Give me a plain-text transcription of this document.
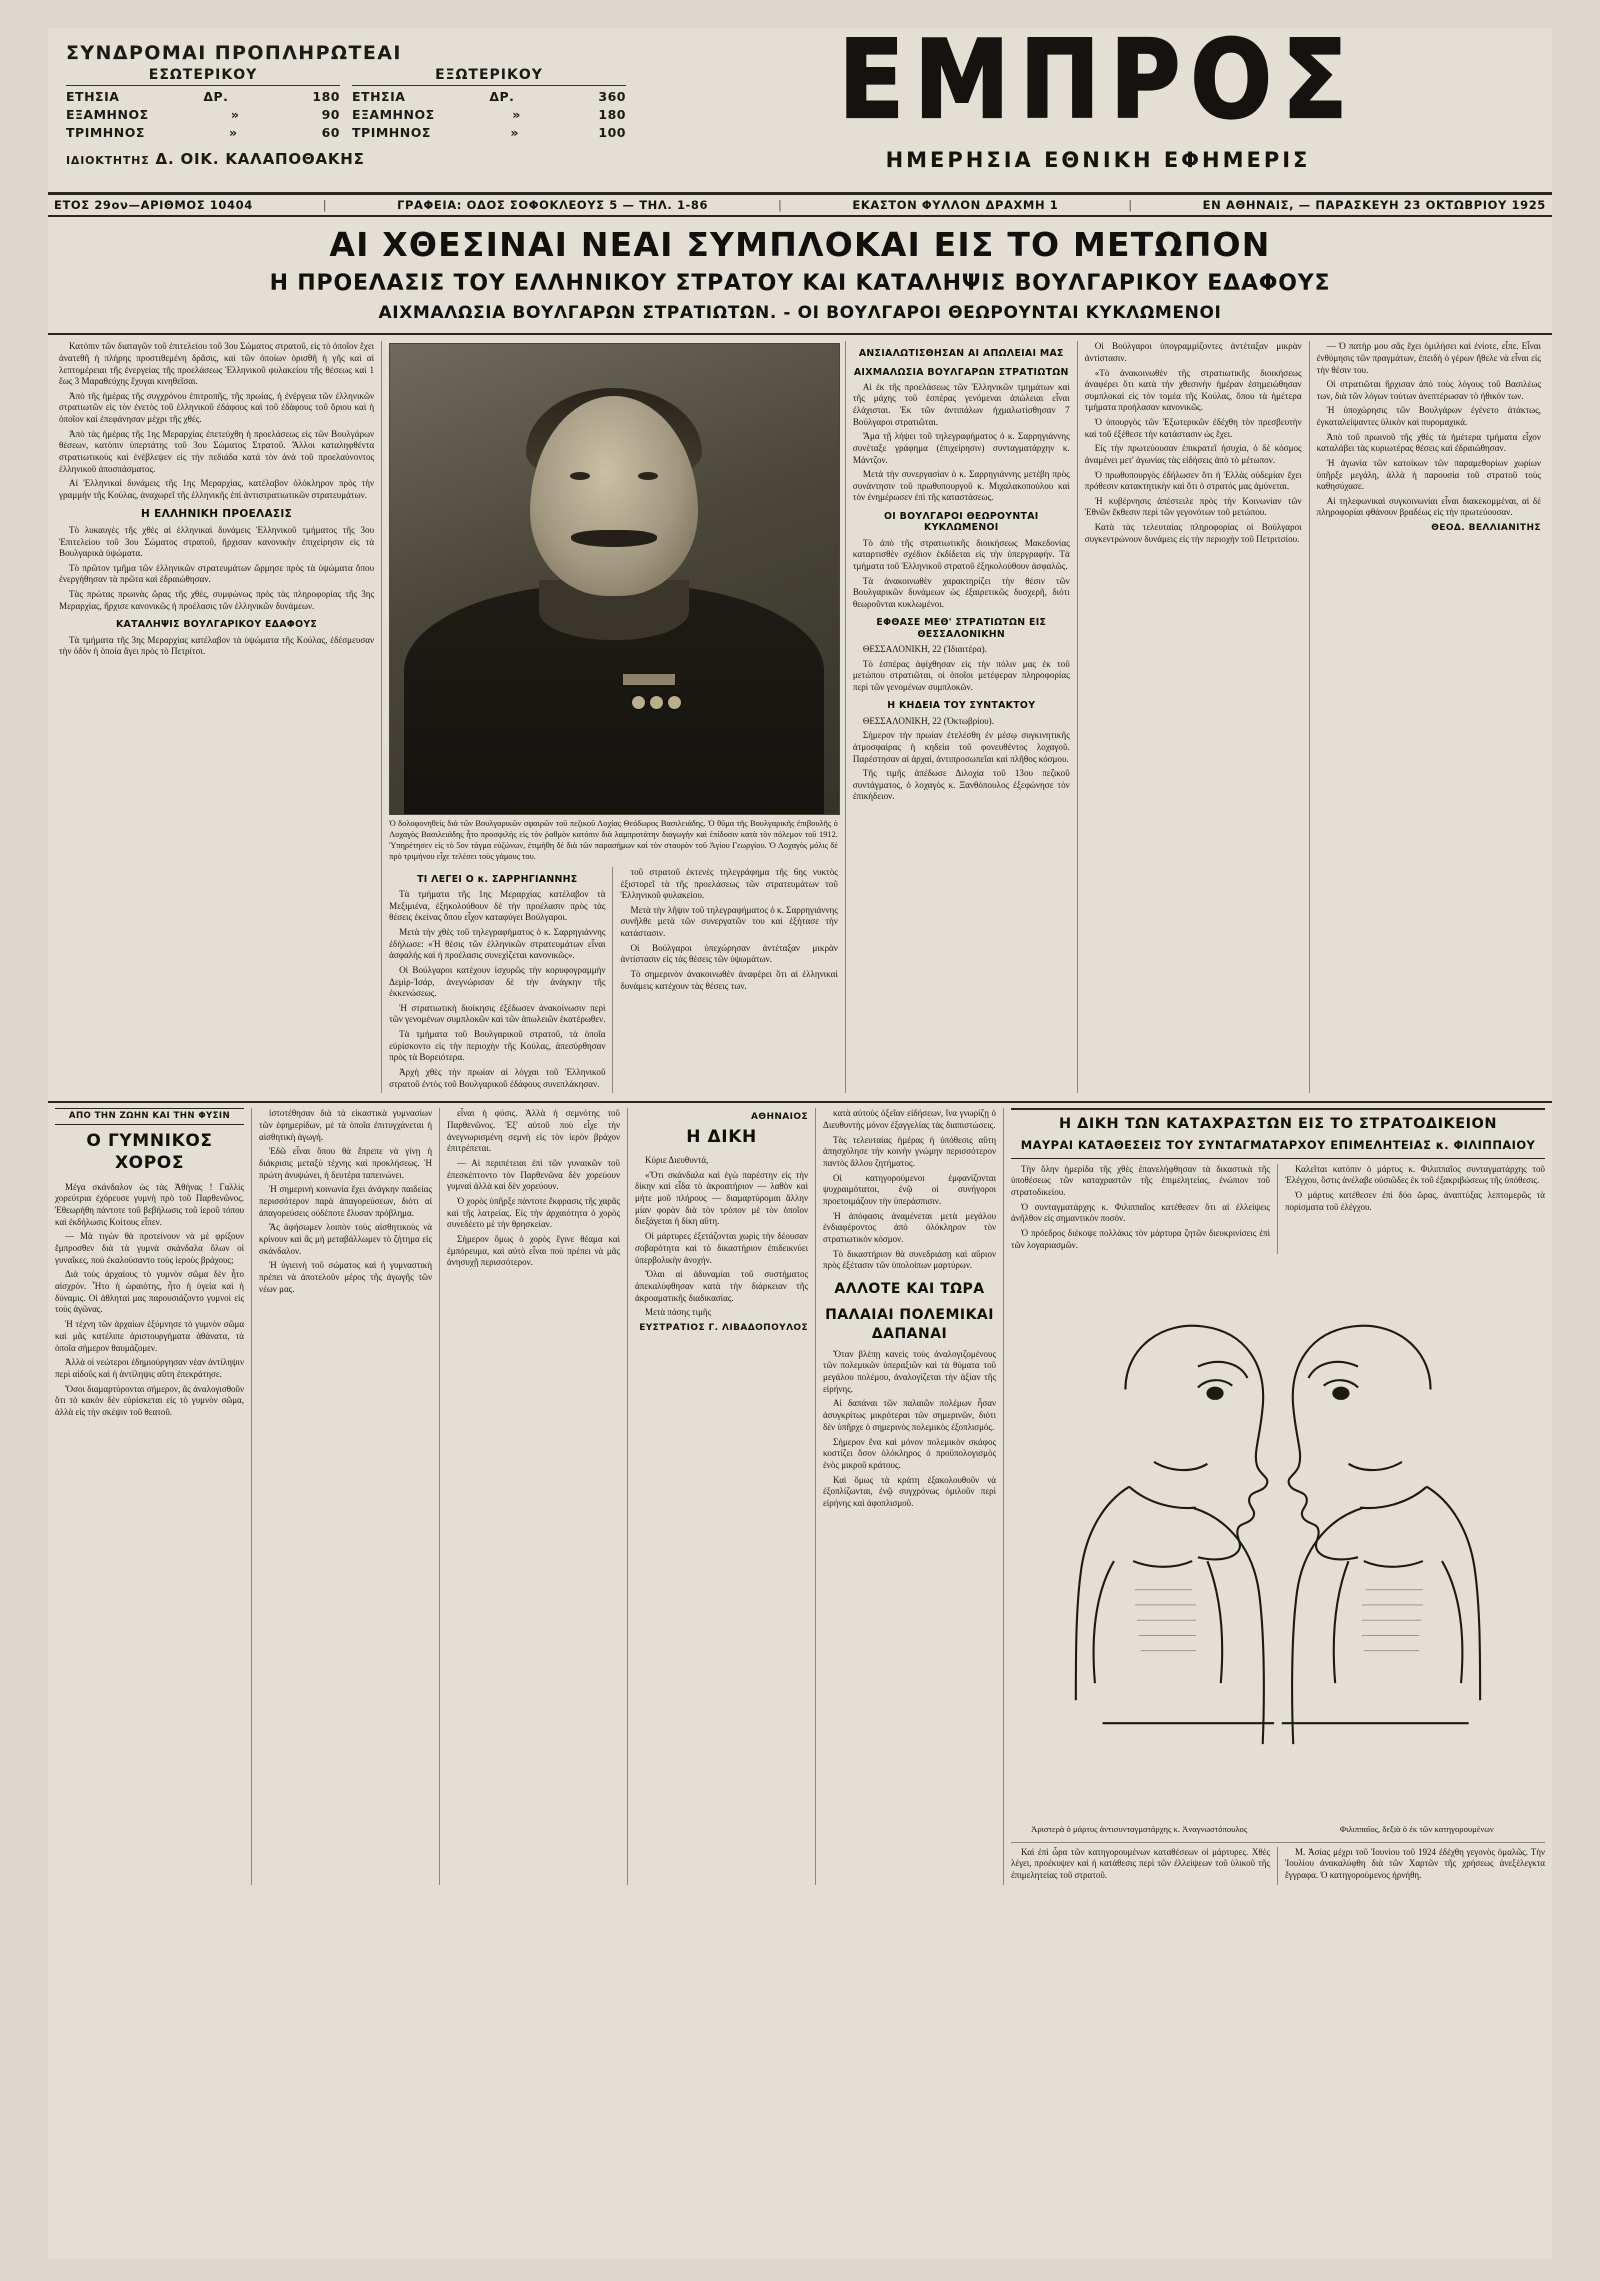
ΣΥΝΔΡΟΜΑΙ ΠΡΟΠΛΗΡΩΤΕΑΙ
ΕΣΩΤΕΡΙΚΟΥ
ΕΤΗΣΙΑ	ΔΡ.	180
ΕΞΑΜΗΝΟΣ	»	90
ΤΡΙΜΗΝΟΣ	»	60
ΕΞΩΤΕΡΙΚΟΥ
ΕΤΗΣΙΑ	ΔΡ.	360
ΕΞΑΜΗΝΟΣ	»	180
ΤΡΙΜΗΝΟΣ	»	100
ΙΔΙΟΚΤΗΤΗΣ Δ. ΟΙΚ. ΚΑΛΑΠΟΘΑΚΗΣ
ΕΜΠΡΟΣ
ΗΜΕΡΗΣΙΑ ΕΘΝΙΚΗ ΕΦΗΜΕΡΙΣ
ΕΤΟΣ 29ον—ΑΡΙΘΜΟΣ 10404	|	ΓΡΑΦΕΙΑ: ΟΔΟΣ ΣΟΦΟΚΛΕΟΥΣ 5 — ΤΗΛ. 1-86	|	ΕΚΑΣΤΟΝ ΦΥΛΛΟΝ ΔΡΑΧΜΗ 1	|	ΕΝ ΑΘΗΝΑΙΣ, — ΠΑΡΑΣΚΕΥΗ 23 ΟΚΤΩΒΡΙΟΥ 1925
ΑΙ ΧΘΕΣΙΝΑΙ ΝΕΑΙ ΣΥΜΠΛΟΚΑΙ ΕΙΣ ΤΟ ΜΕΤΩΠΟΝ
Η ΠΡΟΕΛΑΣΙΣ ΤΟΥ ΕΛΛΗΝΙΚΟΥ ΣΤΡΑΤΟΥ ΚΑΙ ΚΑΤΑΛΗΨΙΣ ΒΟΥΛΓΑΡΙΚΟΥ ΕΔΑΦΟΥΣ
ΑΙΧΜΑΛΩΣΙΑ ΒΟΥΛΓΑΡΩΝ ΣΤΡΑΤΙΩΤΩΝ. - ΟΙ ΒΟΥΛΓΑΡΟΙ ΘΕΩΡΟΥΝΤΑΙ ΚΥΚΛΩΜΕΝΟΙ

Κατόπιν τῶν διαταγῶν τοῦ ἐπιτελείου τοῦ 3ου Σώματος στρατοῦ, εἰς τὸ ὁποῖον ἔχει ἀνατεθῆ ἡ πλήρης προστιθεμένη δρᾶσις, καὶ τῶν ὁποίων ὁρισθῆ ἡ γῆς καὶ αἱ λεπτομέρειαι τῆς ἐνεργείας τῆς προελάσεως Ἑλληνικοῦ φυλακείου τῆς θέσεως καὶ 1 ἕως 3 Μαραθεύχης ἔχυγαι κινηθεῖσαι.

Ἀπὸ τῆς ἡμέρας τῆς συγχρόνου ἐπιτροπῆς, τῆς πρωίας, ἡ ἐνέργεια τῶν ἐλληνικῶν στρατιωτῶν εἰς τὸν ἐνετὸς τοῦ ἑλληνικοῦ ἐδάφους καὶ τοῦ ἐδάφους τοῦ ὅριου καὶ ἡ ὁποῖον καὶ ἐπεφάνησαν μέχρι τῆς χθές.

Ἀπὸ τὰς ἡμέρας τῆς 1ης Μεραρχίας ἐπετεύχθη ἡ προελάσεως εἰς τῶν Βουλγάρων θέσεων, κατόπιν ὑπερτάτης τοῦ 3ου Σώματος Στρατοῦ. Ἄλλοι καταληφθέντα στρατιωτικοὺς καὶ ἐνέβλεψεν εἰς τὴν πεδιάδα κατά τὸν ἀνὰ τοῦ προελαύνοντος ἑλληνικοῦ ἀποσπάσματος.

Αἱ Ἑλληνικαὶ δυνάμεις τῆς 1ης Μεραρχίας, κατέλαβον ὁλόκληρον πρὸς τὴν γραμμὴν τῆς Κούλας, ἀναχωρεῖ τῆς ἑλληνικῆς ἐπί ἀντιστρατιωτικῶν στρατευμάτων.

Η ΕΛΛΗΝΙΚΗ ΠΡΟΕΛΑΣΙΣ

Τὸ λυκαυγὲς τῆς χθὲς αἱ ἑλληνικαὶ δυνάμεις Ἑλληνικοῦ τμήματος τῆς 3ου Ἐπιτελείου τοῦ 3ου Σώματος στρατοῦ, ἤρχισαν κανονικὴν ἐπιχείρησιν εἰς τὰ Βουλγαρικὰ ὑψώματα.

Τὸ πρῶτον τμῆμα τῶν ἑλληνικῶν στρατευμάτων ὥρμησε πρὸς τὰ ὑψώματα ὅπου ἐνεργήθησαν τὰ πρῶτα καὶ ἐδραιώθησαν.

Τὰς πρώτας πρωινὰς ὥρας τῆς χθὲς, συμφώνως πρὸς τὰς πληροφορίας τῆς 3ης Μεραρχίας, ἤρχισε κανονικῶς ἡ προέλασις τῶν ἑλληνικῶν δυνάμεων.

ΚΑΤΑΛΗΨΙΣ ΒΟΥΛΓΑΡΙΚΟΥ ΕΔΑΦΟΥΣ

Τὰ τμήματα τῆς 3ης Μεραρχίας κατέλαβον τὰ ὑψώματα τῆς Κούλας, ἐδέσμευσαν τὴν ὁδὸν ἡ ὁποία ἄγει πρὸς τὸ Πετρίτσι.

Ὁ δολοφονηθεὶς διὰ τῶν Βουλγαρικῶν σφαιρῶν τοῦ πεζικοῦ Λοχίας Θεόδωρος Βασιλειάδης. Ὁ θῦμα τῆς Βουλγαρικῆς ἐπιβουλῆς ὁ Λοχαγὸς Βασιλειάδης ἦτο προσφιλὴς εἰς τὸν ῥαθμὸν κατόπιν διὰ λαμπροτάτην διαγωγὴν καὶ ἐπίδοσιν κατὰ τὸν πόλεμον τοῦ 1912. Ὑπηρέτησεν εἰς τὸ 5ον τάγμα εὐζώνων, ἐτιμήθη δὲ διὰ τῶν παρασήμων καὶ τὸν σταυρὸν τοῦ Ἁγίου Γεωργίου. Ὁ Λοχαγὸς μόλις δὲ πρὸ τριμήνου εἶχε τελέσει τοὺς γάμους του.
ΤΙ ΛΕΓΕΙ Ο κ. ΣΑΡΡΗΓΙΑΝΝΗΣ

Τὰ τμήματα τῆς 1ης Μεραρχίας κατέλαβον τὰ Μεξιμιένα, ἐξηκολούθουν δὲ τὴν προέλασιν πρὸς τὰς θέσεις ἐκείνας ὅπου εἶχον καταφύγει Βούλγαροι.

Μετὰ τὴν χθὲς τοῦ τηλεγραφήματος ὁ κ. Σαρρηγιάννης ἐδήλωσε: «Ἡ θέσις τῶν ἑλληνικῶν στρατευμάτων εἶναι ἀσφαλής καὶ ἡ προέλασις συνεχίζεται κανονικῶς».

Οἱ Βούλγαροι κατέχουν ἰσχυρῶς τὴν κορυφογραμμὴν Δεμὶρ-Ἰσάρ, ἀνεγνώρισαν δὲ τὴν ἀνάγκην τῆς ἐκκενώσεως.

Ἡ στρατιωτικὴ διοίκησις ἐξέδωσεν ἀνακοίνωσιν περὶ τῶν γενομένων συμπλοκῶν καὶ τῶν ἀπωλειῶν ἑκατέρωθεν.

Τὰ τμήματα τοῦ Βουλγαρικοῦ στρατοῦ, τὰ ὁποῖα εὑρίσκοντο εἰς τὴν περιοχὴν τῆς Κούλας, ἀπεσύρθησαν πρὸς τὰ Βορειότερα.

Ἀρχὴ χθὲς τὴν πρωίαν αἱ λόγχαι τοῦ Ἑλληνικοῦ στρατοῦ ἐντὸς τοῦ Βουλγαρικοῦ ἐδάφους συνεπλάκησαν.

τοῦ στρατοῦ ἐκτενὲς τηλεγράφημα τῆς 6ης νυκτὸς ἐξιστορεῖ τὰ τῆς προελάσεως τῶν στρατευμάτων τοῦ Ἑλληνικοῦ φυλακείου.

Μετὰ τὴν λῆψιν τοῦ τηλεγραφήματος ὁ κ. Σαρρηγιάννης συνῆλθε μετὰ τῶν συνεργατῶν του καὶ ἐξήτασε τὴν κατάστασιν.

Οἱ Βούλγαροι ὑπεχώρησαν ἀντέταξαν μικρὰν ἀντίστασιν εἰς τὰς θέσεις τῶν ὑψωμάτων.

Τὸ σημερινὸν ἀνακοινωθὲν ἀναφέρει ὅτι αἱ ἑλληνικαὶ δυνάμεις κατέχουν τὰς θέσεις των.

ΑΝΣΙΑΛΩΤΙΣΘΗΣΑΝ ΑΙ ΑΠΩΛΕΙΑΙ ΜΑΣ
ΑΙΧΜΑΛΩΣΙΑ ΒΟΥΛΓΑΡΩΝ ΣΤΡΑΤΙΩΤΩΝ

Αἱ ἐκ τῆς προελάσεως τῶν Ἑλληνικῶν τμημάτων καὶ τῆς μάχης τοῦ ἑσπέρας γενόμεναι ἀπώλειαι εἶναι ἐλάχισται. Ἐκ τῶν ἀντιπάλων ἠχμαλωτίσθησαν 7 Βούλγαροι στρατιῶται.

Ἅμα τῇ λήψει τοῦ τηλεγραφήματος ὁ κ. Σαρρηγιάννης συνέταξε γράφημα (ἐπιχείρησιν) συνταγματάρχην κ. Μάντζον.

Μετὰ τὴν συνεργασίαν ὁ κ. Σαρρηγιάννης μετέβη πρὸς συνάντησιν τοῦ πρωθυπουργοῦ κ. Μιχαλακοπούλου καὶ τὸν ἐνημέρωσεν ἐπὶ τῆς καταστάσεως.

ΟΙ ΒΟΥΛΓΑΡΟΙ ΘΕΩΡΟΥΝΤΑΙ ΚΥΚΛΩΜΕΝΟΙ

Τὸ ἀπὸ τῆς στρατιωτικῆς διοικήσεως Μακεδονίας καταρτισθὲν σχέδιον ἐκδίδεται εἰς τὴν ὑπεργραφήν. Τὰ τμήματα τοῦ Ἑλληνικοῦ στρατοῦ ἐξηκολούθουν ἀσφαλῶς.

Τὰ ἀνακοινωθὲν χαρακτηρίζει τὴν θέσιν τῶν Βουλγαρικῶν δυνάμεων ὡς ἐξαιρετικῶς δυσχερῆ, διότι θεωροῦνται κυκλωμένοι.

ΕΦΘΑΣΕ ΜΕΘ' ΣΤΡΑΤΙΩΤΩΝ ΕΙΣ ΘΕΣΣΑΛΟΝΙΚΗΝ

ΘΕΣΣΑΛΟΝΙΚΗ, 22 (Ἰδιαιτέρα).

Τὸ ἑσπέρας ἀφίχθησαν εἰς τὴν πόλιν μας ἐκ τοῦ μετώπου στρατιῶται, οἱ ὁποῖοι μετέφεραν πληροφορίας περὶ τῶν γενομένων συμπλοκῶν.

Η ΚΗΔΕΙΑ ΤΟΥ ΣΥΝΤΑΚΤΟΥ

ΘΕΣΣΑΛΟΝΙΚΗ, 22 (Ὀκτωβρίου).

Σήμερον τὴν πρωίαν ἐτελέσθη ἐν μέσῳ συγκινητικῆς ἀτμοσφαίρας ἡ κηδεία τοῦ φονευθέντος λοχαγοῦ. Παρέστησαν αἱ ἀρχαί, ἀντιπροσωπεῖαι καὶ πλῆθος κόσμου.

Τῆς τιμῆς ἀπέδωσε Διλοχία τοῦ 13ου πεζικοῦ συντάγματος, ὁ λοχαγὸς κ. Ξανθόπουλος ἐξεφώνησε τὸν ἐπικήδειον.

Οἱ Βούλγαροι ὑπογραμμίζοντες ἀντέταξαν μικρὰν ἀντίστασιν.

«Τὸ ἀνακοινωθὲν τῆς στρατιωτικῆς διοικήσεως ἀναφέρει ὅτι κατὰ τὴν χθεσινὴν ἡμέραν ἐσημειώθησαν συμπλοκαὶ εἰς τὸν τομέα τῆς Κούλας, ὅπου τὰ ἡμέτερα τμήματα προήλασαν κανονικῶς.

Ὁ ὑπουργὸς τῶν Ἐξωτερικῶν ἐδέχθη τὸν πρεσβευτὴν καὶ τοῦ ἐξέθεσε τὴν κατάστασιν ὡς ἔχει.

Εἰς τὴν πρωτεύουσαν ἐπικρατεῖ ἡσυχία, ὁ δὲ κόσμος ἀναμένει μετ' ἀγωνίας τὰς εἰδήσεις ἀπὸ τὸ μέτωπον.

Ὁ πρωθυπουργὸς ἐδήλωσεν ὅτι ἡ Ἑλλὰς οὐδεμίαν ἔχει πρόθεσιν κατακτητικὴν καὶ ὅτι ὁ στρατός μας ἀμύνεται.

Ἡ κυβέρνησις ἀπέστειλε πρὸς τὴν Κοινωνίαν τῶν Ἐθνῶν ἔκθεσιν περὶ τῶν γεγονότων τοῦ μετώπου.

Κατὰ τὰς τελευταίας πληροφορίας οἱ Βούλγαροι συγκεντρώνουν δυνάμεις εἰς τὴν περιοχὴν τοῦ Πετριτσίου.

— Ὁ πατὴρ μου σᾶς ἔχει ὁμιλήσει καὶ ἐνίοτε, εἶπε. Εἶναι ἐνθύμησις τῶν πραγμάτων, ἐπειδὴ ὁ γέρων ἤθελε νὰ εἶναι εἰς τὴν θέσιν του.

Οἱ στρατιῶται ἤρχισαν ἀπὸ τοὺς λόγους τοῦ Βασιλέως των, διὰ τῶν λόγων τούτων ἀνεπτέρωσαν τὸ ἠθικόν των.

Ἡ ὑποχώρησις τῶν Βουλγάρων ἐγένετο ἀτάκτως, ἐγκαταλείψαντες ὑλικὸν καὶ πυρομαχικά.

Ἀπὸ τοῦ πρωινοῦ τῆς χθὲς τὰ ἡμέτερα τμήματα εἶχον καταλάβει τὰς κυριωτέρας θέσεις καὶ ἐδραιώθησαν.

Ἡ ἀγωνία τῶν κατοίκων τῶν παραμεθορίων χωρίων ὑπῆρξε μεγάλη, ἀλλὰ ἡ παρουσία τοῦ στρατοῦ τοὺς καθησύχασε.

Αἱ τηλεφωνικαὶ συγκοινωνίαι εἶναι διακεκομμέναι, αἱ δὲ πληροφορίαι φθάνουν βραδέως εἰς τὴν πρωτεύουσαν.

ΘΕΟΔ. ΒΕΛΛΙΑΝΙΤΗΣ
ΑΠΟ ΤΗΝ ΖΩΗΝ ΚΑΙ ΤΗΝ ΦΥΣΙΝ
Ο ΓΥΜΝΙΚΟΣ ΧΟΡΟΣ

Μέγα σκάνδαλον ὡς τὰς Ἀθήνας ! Γαλλὶς χορεύτρια ἐχόρευσε γυμνὴ πρὸ τοῦ Παρθενῶνος. Ἐθεωρήθη πάντοτε τοῦ βεβήλωσις τοῦ ἱεροῦ τόπου καὶ ἐκδήλωσις Κοίτους εἶπεν.

— Μὰ τιγὼν θὰ προτείνουν νὰ μὲ φρίξουν ἔμπροσθεν διὰ τὰ γυμνὰ σκάνδαλα ὅλων οἱ γυναῖκες, ποὺ ἐκαλούσαντο τοὺς ἱεροὺς βράχους;

Διὰ τοὺς ἀρχαίους τὸ γυμνὸν σῶμα δὲν ἦτο αἰσχρόν. Ἦτο ἡ ὡραιότης, ἦτο ἡ ὑγεία καὶ ἡ δύναμις. Οἱ ἀθληταί μας παρουσιάζοντο γυμνοὶ εἰς τοὺς ἀγῶνας.

Ἡ τέχνη τῶν ἀρχαίων ἐξύμνησε τὸ γυμνὸν σῶμα καὶ μᾶς κατέλιπε ἀριστουργήματα ἀθάνατα, τὰ ὁποῖα σήμερον θαυμάζομεν.

Ἀλλὰ οἱ νεώτεροι ἐδημιούργησαν νέαν ἀντίληψιν περὶ αἰδοῦς καὶ ἡ ἀντίληψις αὕτη ἐπεκράτησε.

Ὅσοι διαμαρτύρονται σήμερον, ἂς ἀναλογισθοῦν ὅτι τὸ κακὸν δὲν εὑρίσκεται εἰς τὸ γυμνὸν σῶμα, ἀλλὰ εἰς τὴν σκέψιν τοῦ θεατοῦ.

ἱστοτέθησαν διὰ τὰ εἰκαστικὰ γυμνασίων τῶν ἐφημερίδων, μὲ τὰ ὁποῖα ἐπιτυγχάνεται ἡ αἰσθητικὴ ἀγωγή.

Ἐδῶ εἶναι ὅπου θὰ ἔπρεπε νὰ γίνῃ ἡ διάκρισις μεταξὺ τέχνης καὶ προκλήσεως. Ἡ πρώτη ἀνυψώνει, ἡ δευτέρα ταπεινώνει.

Ἡ σημερινὴ κοινωνία ἔχει ἀνάγκην παιδείας περισσότερον παρὰ ἀπαγορεύσεων, διότι αἱ ἀπαγορεύσεις οὐδέποτε ἔλυσαν πρόβλημα.

Ἂς ἀφήσωμεν λοιπὸν τοὺς αἰσθητικοὺς νὰ κρίνουν καὶ ἂς μὴ μεταβάλλωμεν τὸ ζήτημα εἰς σκάνδαλον.

Ἡ ὑγιεινὴ τοῦ σώματος καὶ ἡ γυμναστικὴ πρέπει νὰ ἀποτελοῦν μέρος τῆς ἀγωγῆς τῶν νέων μας.

εἶναι ἡ φύσις. Ἀλλὰ ἡ σεμνότης τοῦ Παρθενῶνος. Ἐξ' αὐτοῦ ποὺ εἶχε τὴν ἀνεγνωρισμένη σεμνὴ εἰς τὸν ἱερὸν βράχον ἐπιτρέπεται.

— Αἱ περιπέτειαι ἐπὶ τῶν γυναικῶν τοῦ ἐπεσκέπτοντο τὸν Παρθενῶνα δὲν χορεύουν γυμναὶ ἀλλὰ καὶ δὲν χορεύουν.

Ὁ χορὸς ὑπῆρξε πάντοτε ἔκφρασις τῆς χαρᾶς καὶ τῆς λατρείας. Εἰς τὴν ἀρχαιότητα ὁ χορὸς συνεδέετο μὲ τὴν θρησκείαν.

Σήμερον ὅμως ὁ χορὸς ἔγινε θέαμα καὶ ἐμπόρευμα, καὶ αὐτὸ εἶναι ποὺ πρέπει νὰ μᾶς ἀνησυχῇ περισσότερον.

ΑΘΗΝΑΙΟΣ
Η ΔΙΚΗ

Κύριε Διευθυντά,

«Ὅτι σκάνδαλα καὶ ἐγὼ παρέστην εἰς τὴν δίκην καὶ εἶδα τὸ ἀκροατήριον — λαθὸν καὶ μήτε μοῦ πλήρους — διαμαρτύρομαι ἄλλην μίαν φορὰν διὰ τὸν τρόπον μὲ τὸν ὁποῖον διεξάγεται ἡ δίκη αὕτη.

Οἱ μάρτυρες ἐξετάζονται χωρὶς τὴν δέουσαν σοβαρότητα καὶ τὸ δικαστήριον ἐπιδεικνύει ὑπερβολικὴν ἀνοχήν.

Ὅλαι αἱ ἀδυναμίαι τοῦ συστήματος ἀπεκαλύφθησαν κατὰ τὴν διάρκειαν τῆς ἀκροαματικῆς διαδικασίας.

Μετὰ πάσης τιμῆς

ΕΥΣΤΡΑΤΙΟΣ Γ. ΛΙΒΑΔΟΠΟΥΛΟΣ

κατὰ αὐτοὺς ὀξεῖαν εἰδήσεων, ἵνα γνωρίζῃ ὁ Διευθυντὴς μόνον ἐξαγγελίας τὰς διαπιστώσεις.

Τὰς τελευταίας ἡμέρας ἡ ὑπόθεσις αὕτη ἀπησχόλησε τὴν κοινὴν γνώμην περισσότερον παντὸς ἄλλου ζητήματος.

Οἱ κατηγορούμενοι ἐμφανίζονται ψυχραιμότατοι, ἐνῷ οἱ συνήγοροι προετοιμάζουν τὴν ὑπεράσπισιν.

Ἡ ἀπόφασις ἀναμένεται μετὰ μεγάλου ἐνδιαφέροντος ἀπὸ ὁλόκληρον τὸν στρατιωτικὸν κόσμον.

Τὸ δικαστήριον θὰ συνεδριάσῃ καὶ αὔριον πρὸς ἐξέτασιν τῶν ὑπολοίπων μαρτύρων.

ΑΛΛΟΤΕ ΚΑΙ ΤΩΡΑ
ΠΑΛΑΙΑΙ ΠΟΛΕΜΙΚΑΙ ΔΑΠΑΝΑΙ

Ὅταν βλέπῃ κανεὶς τοὺς ἀναλογιζομένους τῶν πολεμικῶν ὑπεραξιῶν καὶ τὰ θύματα τοῦ μεγάλου πολέμου, ἀναλογίζεται τὴν ἀξίαν τῆς εἰρήνης.

Αἱ δαπάναι τῶν παλαιῶν πολέμων ἦσαν ἀσυγκρίτως μικρότεραι τῶν σημερινῶν, διότι δὲν ὑπῆρχε ὁ σημερινὸς πολεμικὸς ἐξοπλισμός.

Σήμερον ἕνα καὶ μόνον πολεμικὸν σκάφος κοστίζει ὅσον ὁλόκληρος ὁ προϋπολογισμὸς ἑνὸς μικροῦ κράτους.

Καὶ ὅμως τὰ κράτη ἐξακολουθοῦν νὰ ἐξοπλίζωνται, ἐνῷ συγχρόνως ὁμιλοῦν περὶ εἰρήνης καὶ ἀφοπλισμοῦ.

Η ΔΙΚΗ ΤΩΝ ΚΑΤΑΧΡΑΣΤΩΝ ΕΙΣ ΤΟ ΣΤΡΑΤΟΔΙΚΕΙΟΝ
ΜΑΥΡΑΙ ΚΑΤΑΘΕΣΕΙΣ ΤΟΥ ΣΥΝΤΑΓΜΑΤΑΡΧΟΥ ΕΠΙΜΕΛΗΤΕΙΑΣ κ. ΦΙΛΙΠΠΑΙΟΥ

Τὴν ὅλην ἡμερίδα τῆς χθὲς ἐπανελήφθησαν τὰ δικαστικὰ τῆς ὑποθέσεως τῶν καταχραστῶν τῆς ἐπιμελητείας, ἐνώπιον τοῦ στρατοδικείου.

Ὁ συνταγματάρχης κ. Φιλιππαῖος κατέθεσεν ὅτι αἱ ἐλλείψεις ἀνῆλθον εἰς σημαντικὸν ποσόν.

Ὁ πρόεδρος διέκοψε πολλάκις τὸν μάρτυρα ζητῶν διευκρινίσεις ἐπὶ τῶν λογαριασμῶν.

Καλεῖται κατόπιν ὁ μάρτυς κ. Φιλιππαῖος συνταγματάρχης τοῦ Ἐλέγχου, ὅστις ἀνέλαβε οὐσιῶδες ἐκ τοῦ ἐξακριβώσεως τῆς ὑπόθεσις.

Ὁ μάρτυς κατέθεσεν ἐπὶ δύο ὥρας, ἀναπτύξας λεπτομερῶς τὰ πορίσματα τοῦ ἐλέγχου.

Ἀριστερὰ ὁ μάρτυς ἀντισυνταγματάρχης κ. Ἀναγνωστόπουλος	Φιλιππαῖος, δεξιὰ ὁ ἐκ τῶν κατηγορουμένων

Καὶ ἐπὶ ὧρα τῶν κατηγορουμένων καταθέσεων οἱ μάρτυρες. Χθὲς λέγει, προέκυψεν καὶ ἡ κατάθεσις περὶ τῶν ἐλλείψεων τοῦ ὑλικοῦ τῆς ἐπιμελητείας τοῦ στρατοῦ.

Μ. Ἀσίας μέχρι τοῦ Ἰουνίου τοῦ 1924 ἐδέχθη γεγονὸς ὁμαλῶς. Τὴν Ἰουλίου ἀνακαλύφθη διὰ τῶν Χαρτῶν τῆς χρήσεως ἀνεξέλεγκτα ἔγγραφα. Ὁ κατηγορούμενος ἠρνήθη.
